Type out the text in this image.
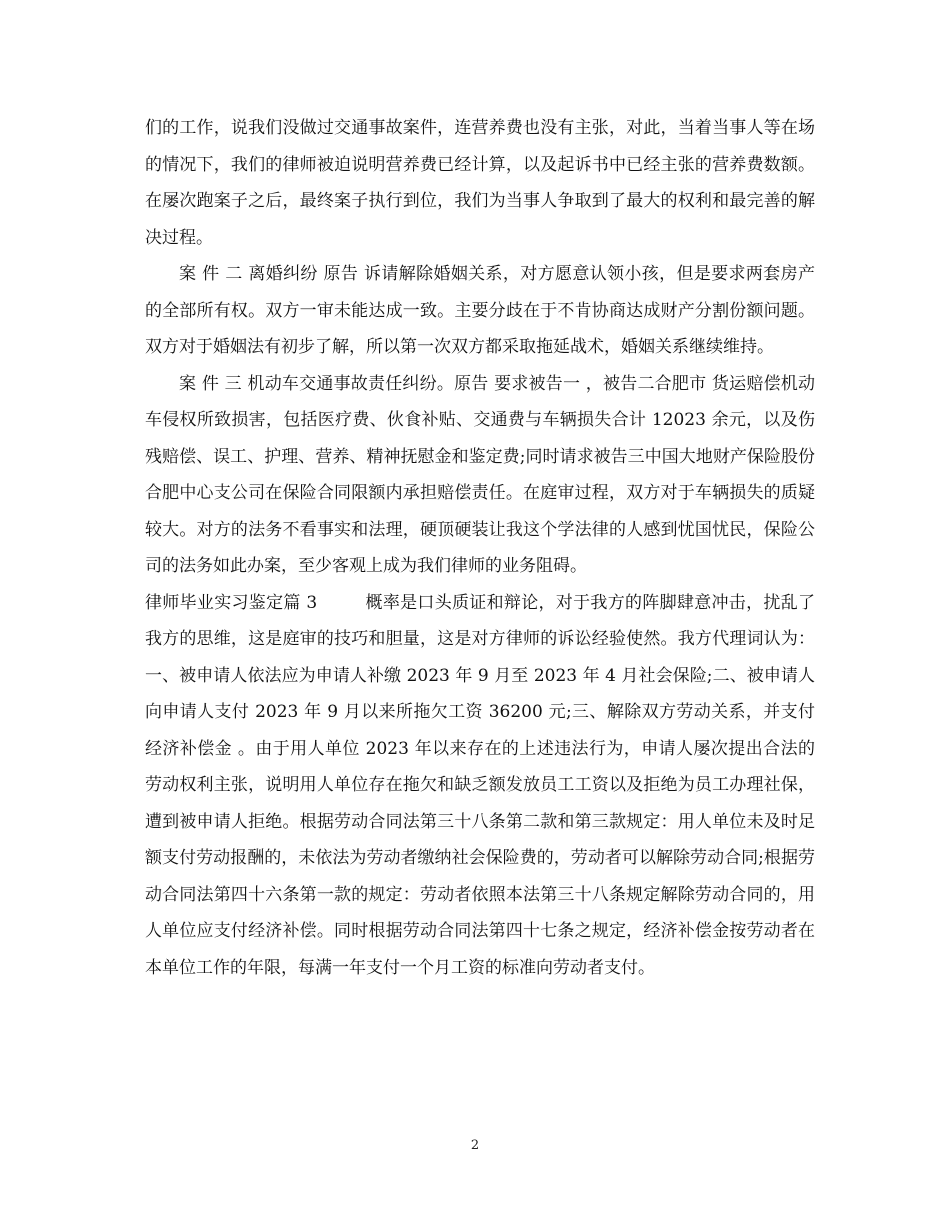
们的工作，说我们没做过交通事故案件，连营养费也没有主张，对此，当着当事人等在场的情况下，我们的律师被迫说明营养费已经计算，以及起诉书中已经主张的营养费数额。在屡次跑案子之后，最终案子执行到位，我们为当事人争取到了最大的权利和最完善的解决过程。

案 件 二 离婚纠纷 原告 诉请解除婚姻关系，对方愿意认领小孩，但是要求两套房产的全部所有权。双方一审未能达成一致。主要分歧在于不肯协商达成财产分割份额问题。双方对于婚姻法有初步了解，所以第一次双方都采取拖延战术，婚姻关系继续维持。

案 件 三 机动车交通事故责任纠纷。原告 要求被告一 ，被告二合肥市 货运赔偿机动车侵权所致损害，包括医疗费、伙食补贴、交通费与车辆损失合计 12023 余元，以及伤残赔偿、误工、护理、营养、精神抚慰金和鉴定费;同时请求被告三中国大地财产保险股份合肥中心支公司在保险合同限额内承担赔偿责任。在庭审过程，双方对于车辆损失的质疑较大。对方的法务不看事实和法理，硬顶硬装让我这个学法律的人感到忧国忧民，保险公司的法务如此办案，至少客观上成为我们律师的业务阻碍。

律师毕业实习鉴定篇 3	概率是口头质证和辩论，对于我方的阵脚肆意冲击，扰乱了我方的思维，这是庭审的技巧和胆量，这是对方律师的诉讼经验使然。我方代理词认为：一、被申请人依法应为申请人补缴 2023 年 9 月至 2023 年 4 月社会保险;二、被申请人向申请人支付 2023 年 9 月以来所拖欠工资 36200 元;三、解除双方劳动关系，并支付经济补偿金 。由于用人单位 2023 年以来存在的上述违法行为，申请人屡次提出合法的劳动权利主张，说明用人单位存在拖欠和缺乏额发放员工工资以及拒绝为员工办理社保，遭到被申请人拒绝。根据劳动合同法第三十八条第二款和第三款规定：用人单位未及时足额支付劳动报酬的，未依法为劳动者缴纳社会保险费的，劳动者可以解除劳动合同;根据劳动合同法第四十六条第一款的规定：劳动者依照本法第三十八条规定解除劳动合同的，用人单位应支付经济补偿。同时根据劳动合同法第四十七条之规定，经济补偿金按劳动者在本单位工作的年限，每满一年支付一个月工资的标准向劳动者支付。

2
